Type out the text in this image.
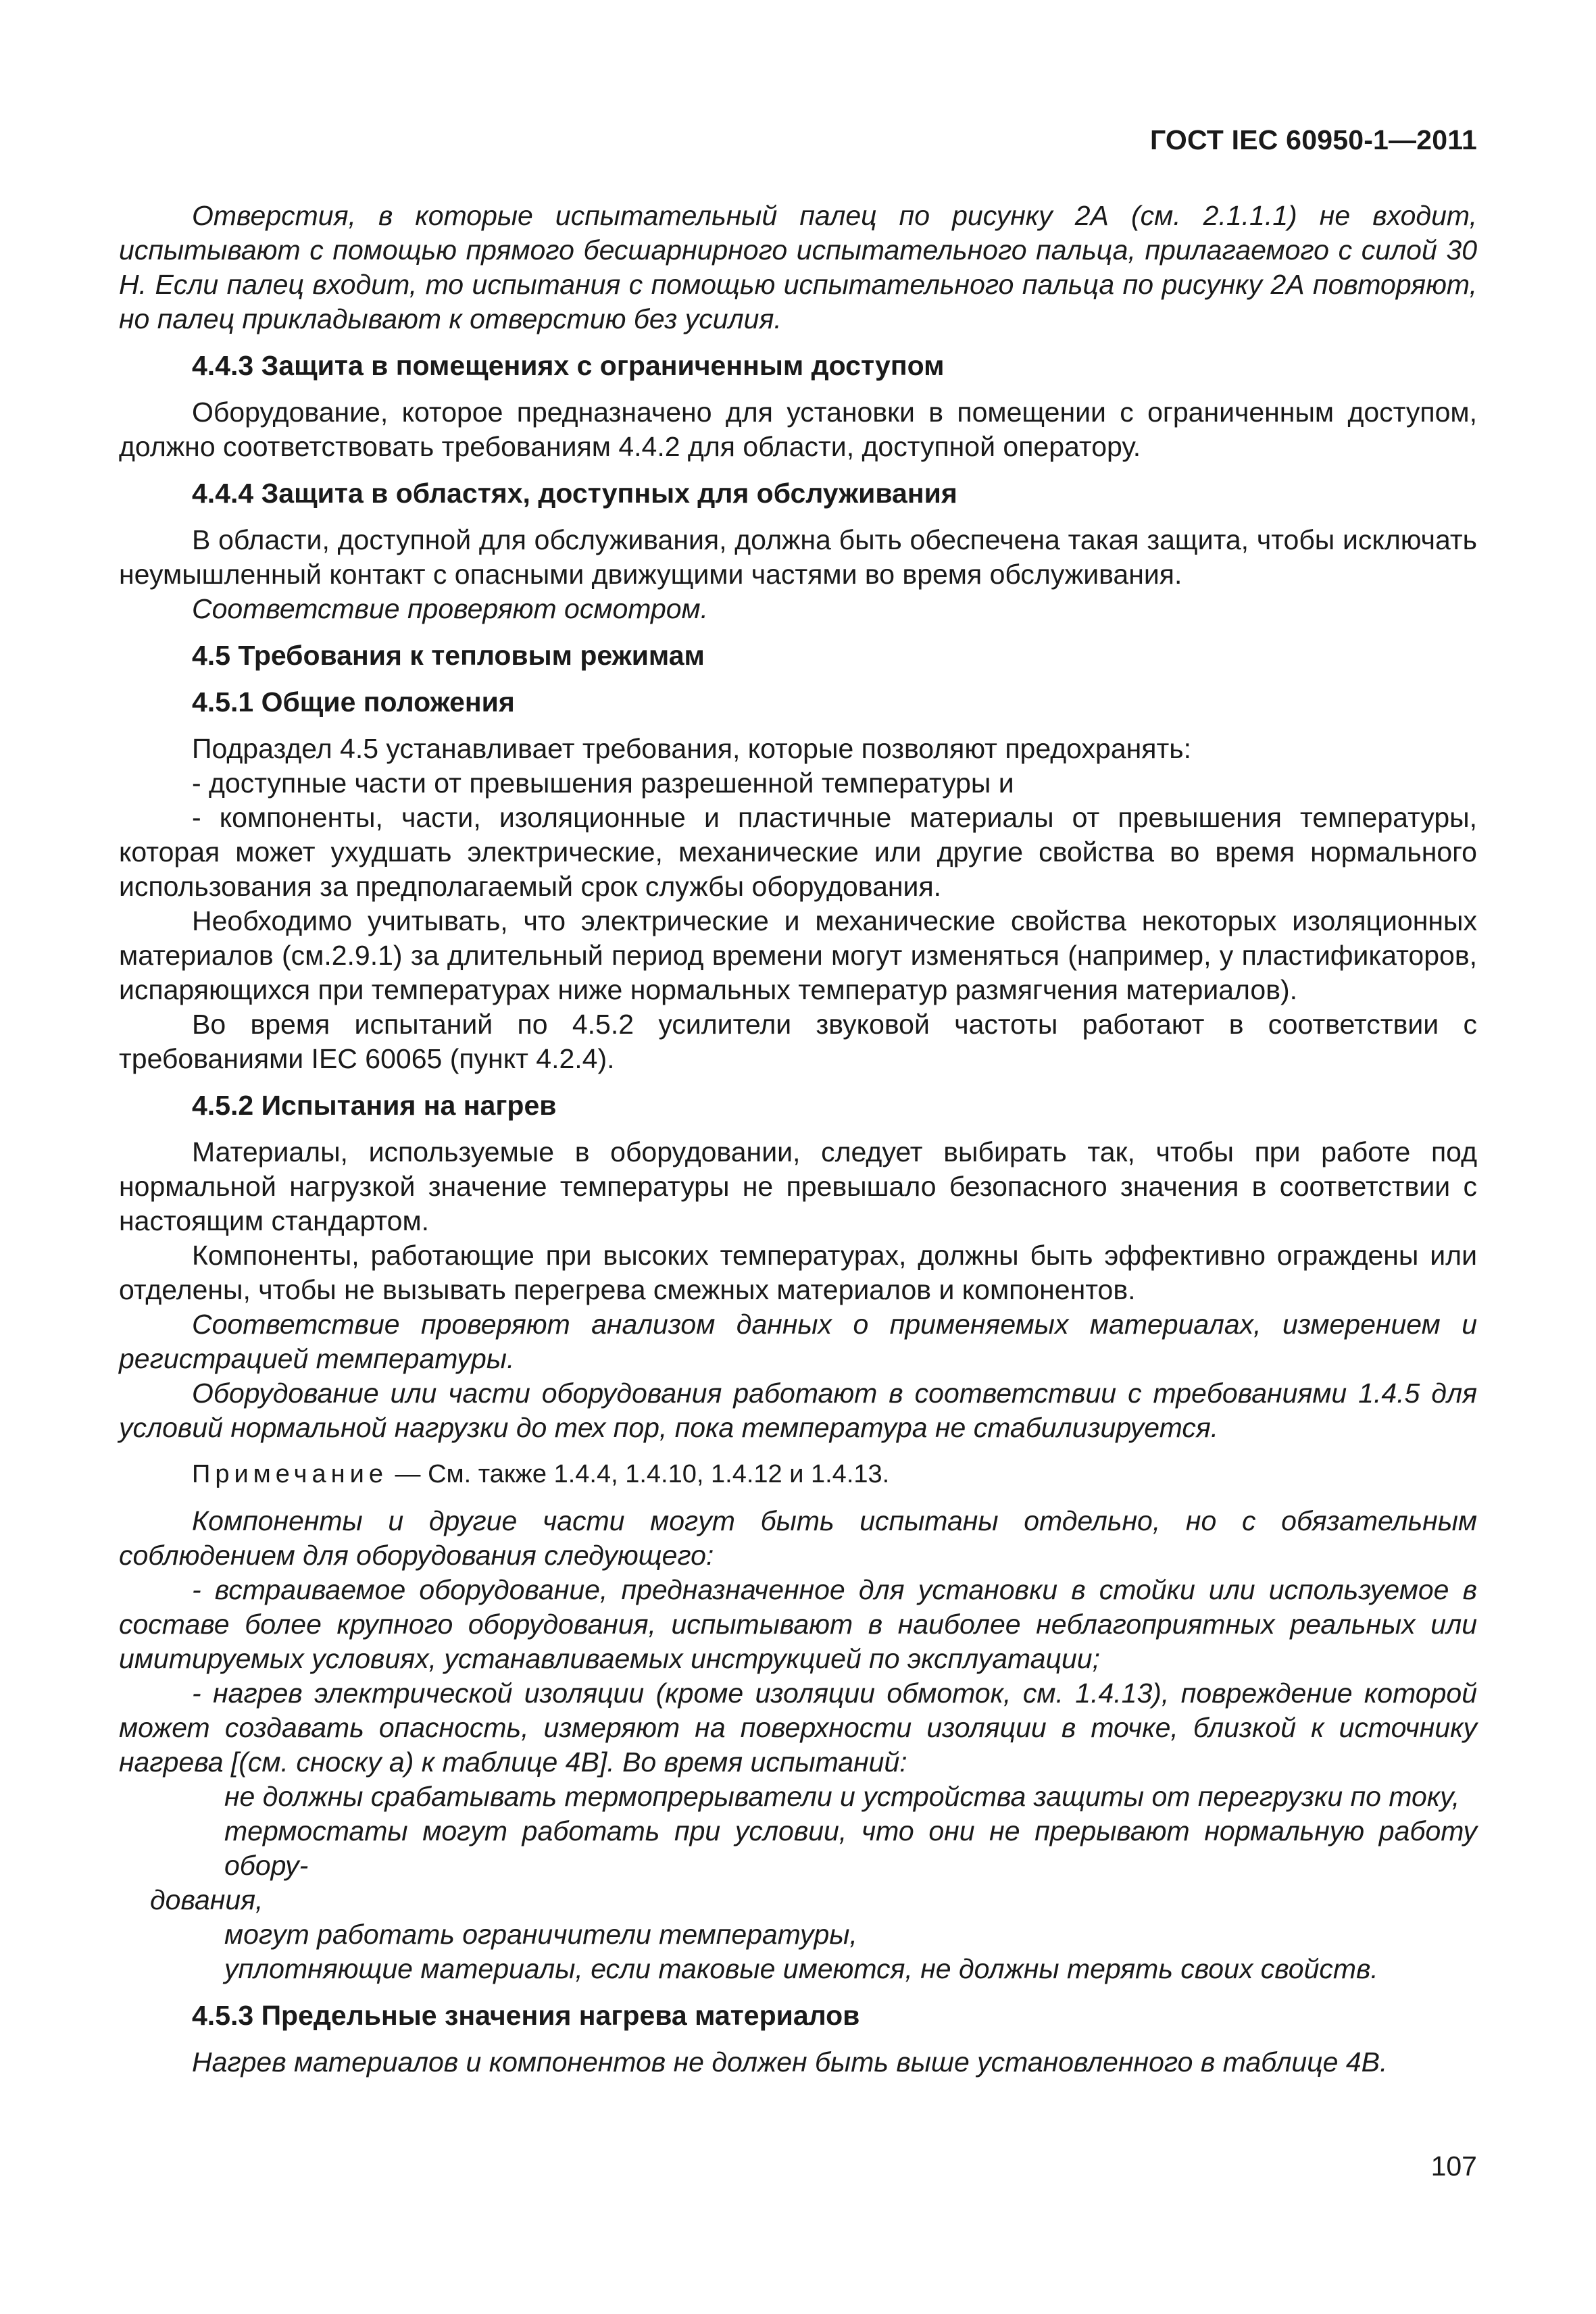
ГОСТ IEC 60950-1—2011

Отверстия, в которые испытательный палец по рисунку 2А (см. 2.1.1.1) не входит, испытывают с помощью прямого бесшарнирного испытательного пальца, прилагаемого с силой 30 Н. Если палец входит, то испытания с помощью испытательного пальца по рисунку 2А повторяют, но палец прикладывают к отверстию без усилия.

4.4.3 Защита в помещениях с ограниченным доступом

Оборудование, которое предназначено для установки в помещении с ограниченным доступом, должно соответствовать требованиям 4.4.2 для области, доступной оператору.

4.4.4 Защита в областях, доступных для обслуживания

В области, доступной для обслуживания, должна быть обеспечена такая защита, чтобы исключать неумышленный контакт с опасными движущими частями во время обслуживания.

Соответствие проверяют осмотром.

4.5 Требования к тепловым режимам
4.5.1 Общие положения

Подраздел 4.5 устанавливает требования, которые позволяют предохранять:

- доступные части от превышения разрешенной температуры и

- компоненты, части, изоляционные и пластичные материалы от превышения температуры, которая может ухудшать электрические, механические или другие свойства во время нормального использования за предполагаемый срок службы оборудования.

Необходимо учитывать, что электрические и механические свойства некоторых изоляционных материалов (см.2.9.1) за длительный период времени могут изменяться (например, у пластификаторов, испаряющихся при температурах ниже нормальных температур размягчения материалов).

Во время испытаний по 4.5.2 усилители звуковой частоты работают в соответствии с требованиями IEC 60065 (пункт 4.2.4).

4.5.2 Испытания на нагрев

Материалы, используемые в оборудовании, следует выбирать так, чтобы при работе под нормальной нагрузкой значение температуры не превышало безопасного значения в соответствии с настоящим стандартом.

Компоненты, работающие при высоких температурах, должны быть эффективно ограждены или отделены, чтобы не вызывать перегрева смежных материалов и компонентов.

Соответствие проверяют анализом данных о применяемых материалах, измерением и регистрацией температуры.

Оборудование или части оборудования работают в соответствии с требованиями 1.4.5 для условий нормальной нагрузки до тех пор, пока температура не стабилизируется.

Примечание — См. также 1.4.4, 1.4.10, 1.4.12 и 1.4.13.

Компоненты и другие части могут быть испытаны отдельно, но с обязательным соблюдением для оборудования следующего:

- встраиваемое оборудование, предназначенное для установки в стойки или используемое в составе более крупного оборудования, испытывают в наиболее неблагоприятных реальных или имитируемых условиях, устанавливаемых инструкцией по эксплуатации;

- нагрев электрической изоляции (кроме изоляции обмоток, см. 1.4.13), повреждение которой может создавать опасность, измеряют на поверхности изоляции в точке, близкой к источнику нагрева [(см. сноску a) к таблице 4В]. Во время испытаний:

не должны срабатывать термопрерыватели и устройства защиты от перегрузки по току,

термостаты могут работать при условии, что они не прерывают нормальную работу обору-

дования,

могут работать ограничители температуры,

уплотняющие материалы, если таковые имеются, не должны терять своих свойств.

4.5.3 Предельные значения нагрева материалов

Нагрев материалов и компонентов не должен быть выше установленного в таблице 4В.

107
